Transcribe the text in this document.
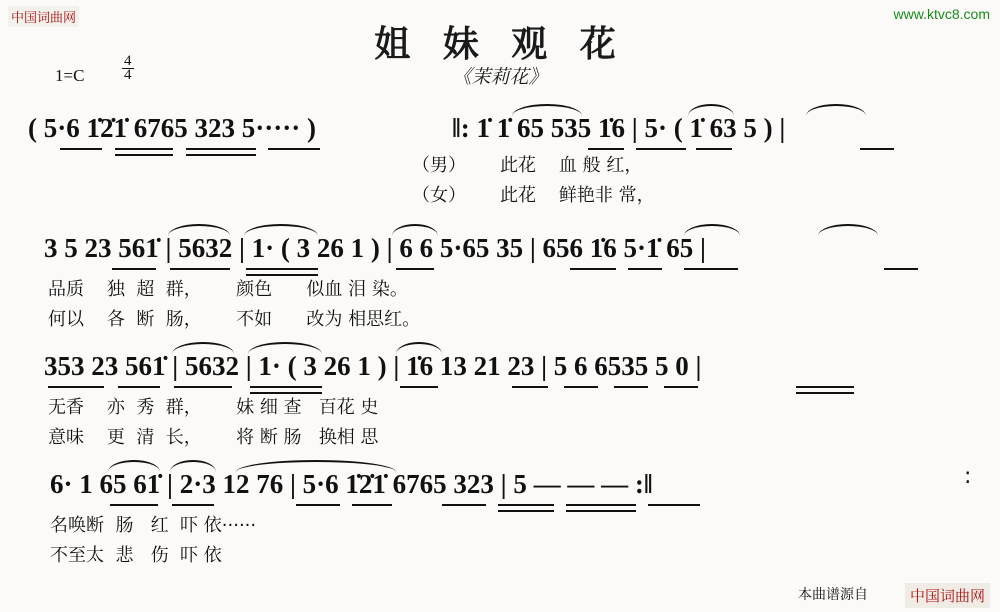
中国词曲网	www.ktvc8.com
姐 妹 观 花
《茉莉花》
1=C	$\frac{4}{4}$
( 5·6 1̇2̇1̇ 6765 323 5····· )	‖: 1̇ 1̇ 65 535 1̇6 | 5· ( 1̇ 63 5 ) |
（男） 此花    血 般 红，
（女） 此花    鲜艳非 常，
3 5 23 561̇ | 5632 | 1· ( 3 26 1 ) | 6 6 5·65 35 | 656 1̇6 5·1̇ 65 |
品质    独  超  群，      颜色      似血 泪 染。
何以    各  断  肠，      不如      改为 相思红。
353 23 561̇ | 5632 | 1· ( 3 26 1 ) | 1̇6 13 21 23 | 5 6 6535 5 0 |
无香    亦  秀  群，      妹 细 查   百花 史
意味    更  清  长，      将 断 肠   换相 思
6· 1 65 61̇ | 2·3 12 76 | 5·6 1̇2̇1̇ 6765 323 | 5 — — — :‖	:
名唤断  肠   红  吓 依······
不至太  悲   伤  吓 依
本曲谱源自	中国词曲网
